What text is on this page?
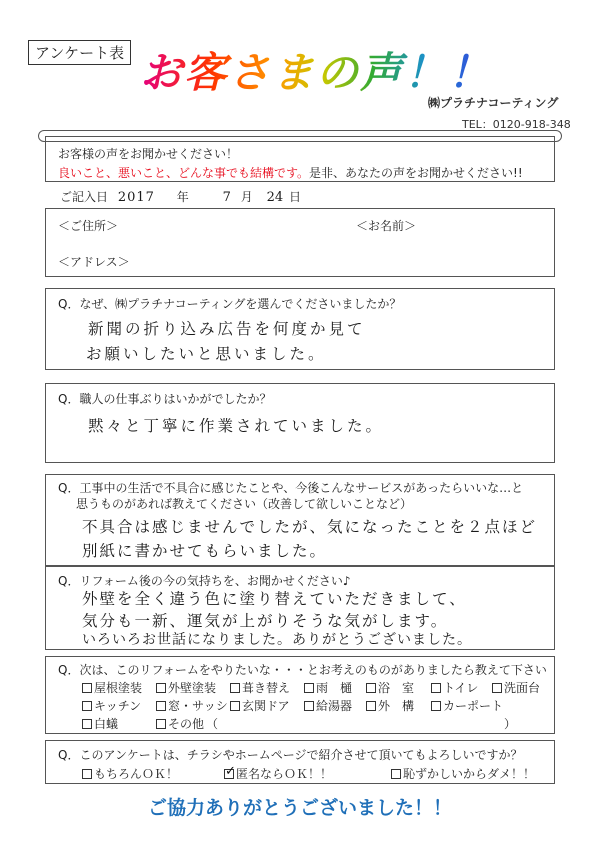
アンケート表 お客さまの声！！
㈱プラチナコーティング
TEL：0120-918-348
お客様の声をお聞かせください！
良いこと、悪いこと、どんな事でも結構です。是非、あなたの声をお聞かせください!!
ご記入日 2017 年	7 月 24 日
＜ご住所＞	＜お名前＞
＜アドレス＞
Q．なぜ、㈱プラチナコーティングを選んでくださいましたか？
新聞の折り込み広告を何度か見て
お願いしたいと思いました。
Q．職人の仕事ぶりはいかがでしたか？
黙々と丁寧に作業されていました。
Q．工事中の生活で不具合に感じたことや、今後こんなサービスがあったらいいな…と
思うものがあれば教えてください（改善して欲しいことなど）
不具合は感じませんでしたが、気になったことを２点ほど
別紙に書かせてもらいました。
Q．リフォーム後の今の気持ちを、お聞かせください♪
外壁を全く違う色に塗り替えていただきまして、
気分も一新、運気が上がりそうな気がします。
いろいろお世話になりました。ありがとうございました。
Q．次は、このリフォームをやりたいな・・・とお考えのものがありましたら教えて下さい
屋根塗装	外壁塗装	葺き替え	雨　樋	浴　室	トイレ	洗面台
キッチン	窓・サッシ	玄関ドア	給湯器	外　構	カーポート
白蟻	その他 （	）
Q．このアンケートは、チラシやホームページで紹介させて頂いてもよろしいですか？
もちろんＯＫ！	✓ 匿名ならＯＫ！！	恥ずかしいからダメ！！
ご協力ありがとうございました！！
